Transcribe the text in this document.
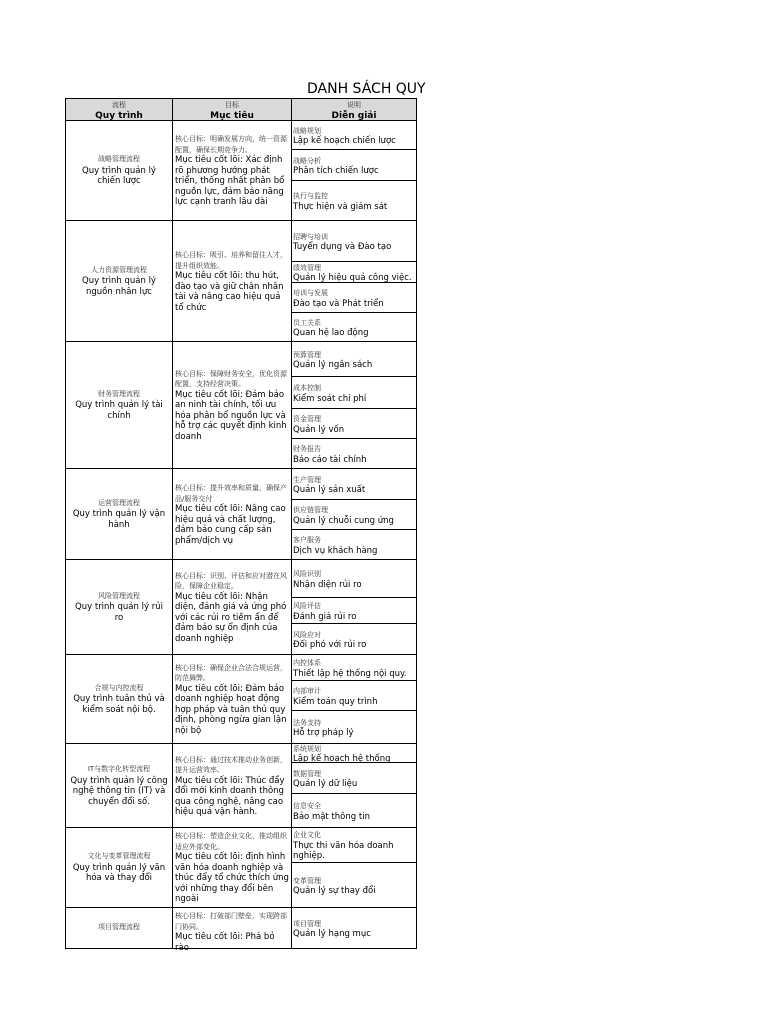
DANH SÁCH QUY
流程
Quy trình
目标
Mục tiêu
说明
Diễn giải
战略管理流程
Quy trình quản lý chiến lược
核心目标：明确发展方向，统一资源配置，确保长期竞争力。
Mục tiêu cốt lõi: Xác định rõ phương hướng phát triển, thống nhất phân bổ nguồn lực, đảm bảo năng lực cạnh tranh lâu dài
战略规划
Lập kế hoạch chiến lược
战略分析
Phân tích chiến lược
执行与监控
Thực hiện và giám sát
人力资源管理流程
Quy trình quản lý nguồn nhân lực
核心目标：吸引、培养和留住人才，提升组织效能。
Mục tiêu cốt lõi: thu hút, đào tạo và giữ chân nhân tài và nâng cao hiệu quả tổ chức
招聘与培训
Tuyển dụng và Đào tạo
绩效管理
Quản lý hiệu quả công việc.
培训与发展
Đào tạo và Phát triển
员工关系
Quan hệ lao động
财务管理流程
Quy trình quản lý tài chính
核心目标：保障财务安全，优化资源配置，支持经营决策。
Mục tiêu cốt lõi: Đảm bảo an ninh tài chính, tối ưu hóa phân bổ nguồn lực và hỗ trợ các quyết định kinh doanh
预算管理
Quản lý ngân sách
成本控制
Kiểm soát chi phí
资金管理
Quản lý vốn
财务报告
Báo cáo tài chính
运营管理流程
Quy trình quản lý vận hành
核心目标：提升效率和质量，确保产品/服务交付
Mục tiêu cốt lõi: Nâng cao hiệu quả và chất lượng, đảm bảo cung cấp sản phẩm/dịch vụ
生产管理
Quản lý sản xuất
供应链管理
Quản lý chuỗi cung ứng
客户服务
Dịch vụ khách hàng
风险管理流程
Quy trình quản lý rủi ro
核心目标：识别、评估和应对潜在风险，保障企业稳定。
Mục tiêu cốt lõi: Nhận diện, đánh giá và ứng phó với các rủi ro tiềm ẩn để đảm bảo sự ổn định của doanh nghiệp
风险识别
Nhận diện rủi ro
风险评估
Đánh giá rủi ro
风险应对
Đối phó với rủi ro
合规与内控流程
Quy trình tuân thủ và kiểm soát nội bộ.
核心目标：确保企业合法合规运营，防范舞弊。
Mục tiêu cốt lõi: Đảm bảo doanh nghiệp hoạt động hợp pháp và tuân thủ quy định, phòng ngừa gian lận nội bộ
内控体系
Thiết lập hệ thống nội quy.
内部审计
Kiểm toán quy trình
法务支持
Hỗ trợ pháp lý
IT与数字化转型流程
Quy trình quản lý công nghệ thông tin (IT) và chuyển đổi số.
核心目标：通过技术推动业务创新，提升运营效率。
Mục tiêu cốt lõi: Thúc đẩy đổi mới kinh doanh thông qua công nghệ, nâng cao hiệu quả vận hành.
系统规划
Lập kế hoạch hệ thống
数据管理
Quản lý dữ liệu
信息安全
Bảo mật thông tin
文化与变革管理流程
Quy trình quản lý văn hóa và thay đổi
核心目标：塑造企业文化，推动组织适应外部变化。
Mục tiêu cốt lõi: định hình văn hóa doanh nghiệp và thúc đẩy tổ chức thích ứng với những thay đổi bên ngoài
企业文化
Thực thi văn hóa doanh nghiệp.
变革管理
Quản lý sự thay đổi
项目管理流程
核心目标：打破部门壁垒，实现跨部门协同。
Mục tiêu cốt lõi: Phá bỏ rào
项目管理
Quản lý hạng mục
